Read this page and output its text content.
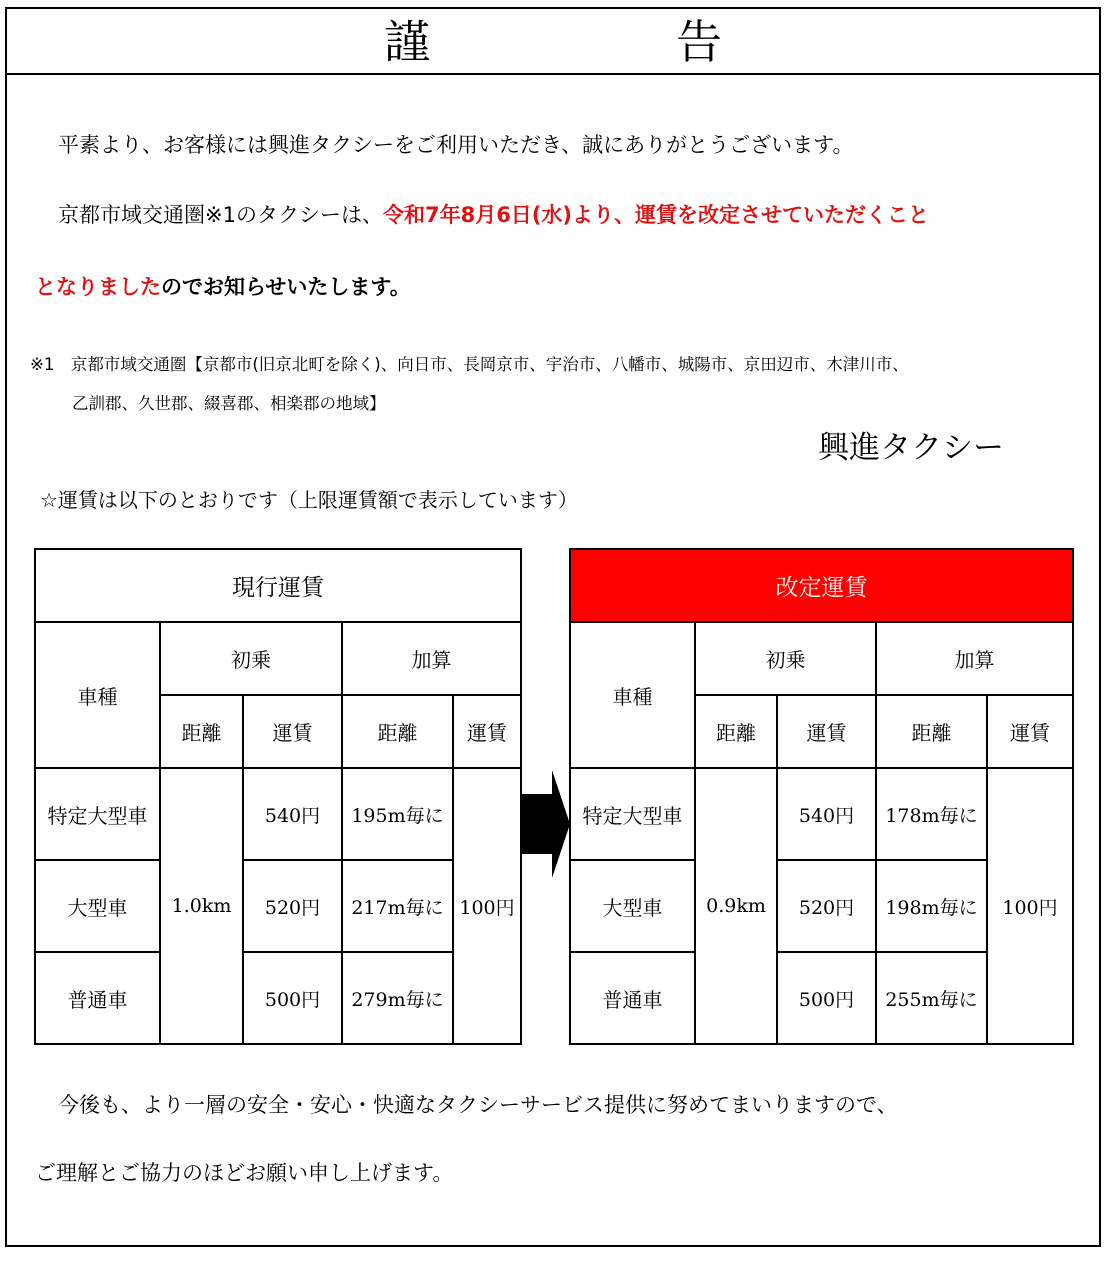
謹　告
平素より、お客様には興進タクシーをご利用いただき、誠にありがとうございます。
京都市域交通圏※1のタクシーは、令和7年8月6日(水)より、運賃を改定させていただくこと
となりましたのでお知らせいたします。
※1　京都市域交通圏【京都市(旧京北町を除く)、向日市、長岡京市、宇治市、八幡市、城陽市、京田辺市、木津川市、
乙訓郡、久世郡、綴喜郡、相楽郡の地域】
興進タクシー
☆運賃は以下のとおりです（上限運賃額で表示しています）
現行運賃				
車種	初乗		加算	
	距離	運賃	距離	運賃
特定大型車	1.0km	540円	195m毎に	100円
大型車		520円	217m毎に	
普通車		500円	279m毎に	
改定運賃				
車種	初乗		加算	
	距離	運賃	距離	運賃
特定大型車	0.9km	540円	178m毎に	100円
大型車		520円	198m毎に	
普通車		500円	255m毎に	
今後も、より一層の安全・安心・快適なタクシーサービス提供に努めてまいりますので、
ご理解とご協力のほどお願い申し上げます。
